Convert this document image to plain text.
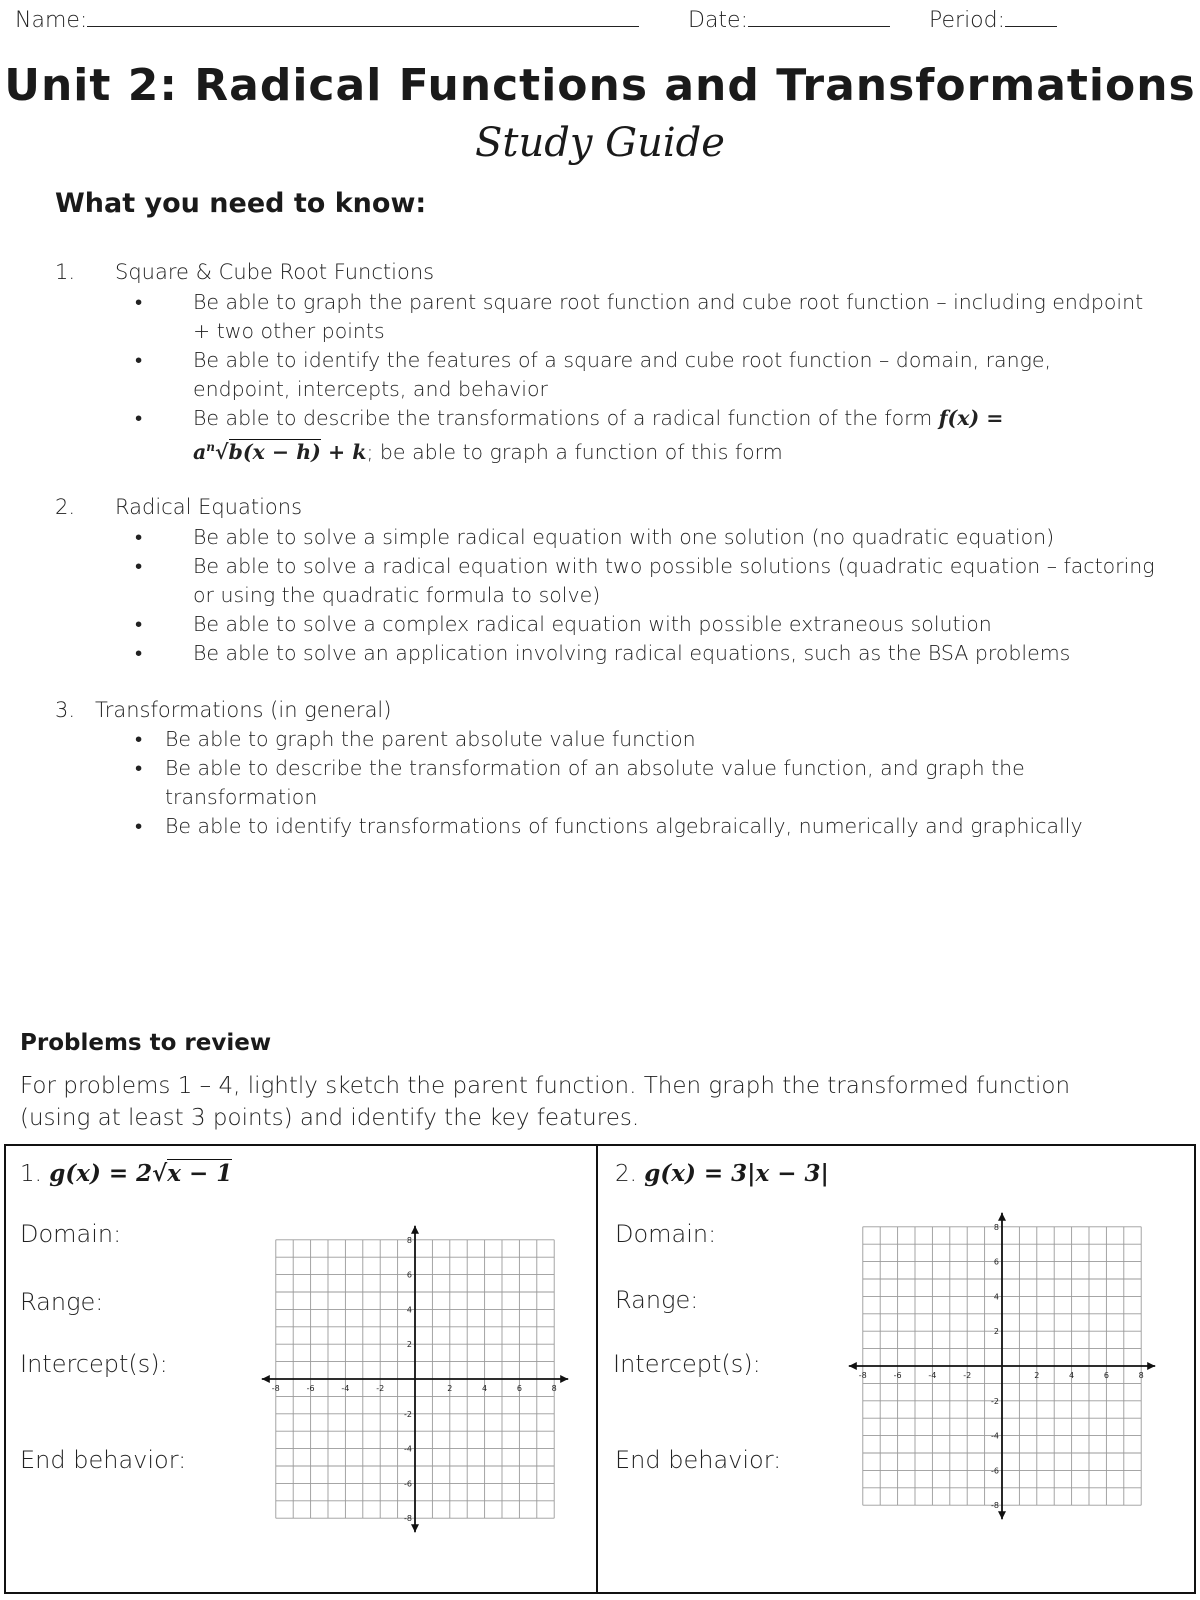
Name:	Date:	Period:
Unit 2: Radical Functions and Transformations
Study Guide
What you need to know:
1. Square & Cube Root Functions
• Be able to graph the parent square root function and cube root function – including endpoint + two other points
• Be able to identify the features of a square and cube root function – domain, range, endpoint, intercepts, and behavior
• Be able to describe the transformations of a radical function of the form f(x) =
$a^n√b(x - h) + k$; be able to graph a function of this form
2. Radical Equations
• Be able to solve a simple radical equation with one solution (no quadratic equation)
• Be able to solve a radical equation with two possible solutions (quadratic equation – factoring or using the quadratic formula to solve)
• Be able to solve a complex radical equation with possible extraneous solution
• Be able to solve an application involving radical equations, such as the BSA problems
3. Transformations (in general)
• Be able to graph the parent absolute value function
• Be able to describe the transformation of an absolute value function, and graph the transformation
• Be able to identify transformations of functions algebraically, numerically and graphically
Problems to review
For problems 1 – 4, lightly sketch the parent function. Then graph the transformed function (using at least 3 points) and identify the key features.
1. g(x) = 2√x − 1
Domain:
Range:
Intercept(s):
End behavior:
2. g(x) = 3|x − 3|
Domain:
Range:
Intercept(s):
End behavior:
-8	-6	-4	-2	2	4	6	8
8
6
4
2
-2
-4
-6
-8
-8	-6	-4	-2	2	4	6	8
8
6
4
2
-2
-4
-6
-8
